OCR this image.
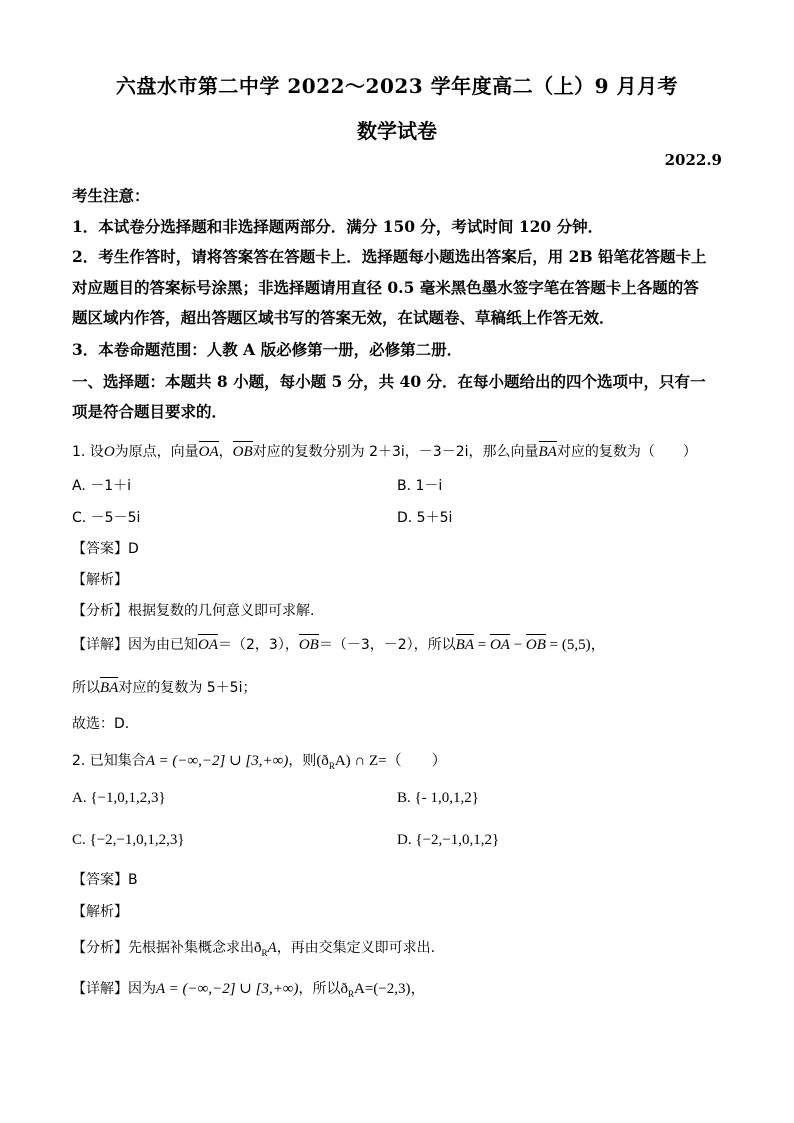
六盘水市第二中学 2022～2023 学年度高二（上）9 月月考
数学试卷
2022.9
考生注意：
1．本试卷分选择题和非选择题两部分．满分 150 分，考试时间 120 分钟．
2．考生作答时，请将答案答在答题卡上．选择题每小题选出答案后，用 2B 铅笔花答题卡上
对应题目的答案标号涂黑；非选择题请用直径 0.5 毫米黑色墨水签字笔在答题卡上各题的答
题区域内作答，超出答题区域书写的答案无效，在试题卷、草稿纸上作答无效．
3．本卷命题范围：人教 A 版必修第一册，必修第二册．
一、选择题：本题共 8 小题，每小题 5 分，共 40 分．在每小题给出的四个选项中，只有一
项是符合题目要求的．
1. 设O为原点，向量OA，OB对应的复数分别为 2＋3i，－3－2i，那么向量BA对应的复数为（　　）
A. －1＋i	B. 1－i
C. －5－5i	D. 5＋5i
【答案】D
【解析】
【分析】根据复数的几何意义即可求解.
【详解】因为由已知OA＝（2，3），OB＝（－3，－2），所以BA = OA − OB = (5,5)，
所以BA对应的复数为 5＋5i；
故选：D.
2. 已知集合A = (−∞,−2] ∪ [3,+∞)，则$(ð_RA)$ ∩ Z=（　　）
A. {−1,0,1,2,3}	B. {- 1,0,1,2}
C. {−2,−1,0,1,2,3}	D. {−2,−1,0,1,2}
【答案】B
【解析】
【分析】先根据补集概念求出$ð_RA$，再由交集定义即可求出.
【详解】因为A = (−∞,−2] ∪ [3,+∞)，所以$ð_RA=(-2,3)$，
